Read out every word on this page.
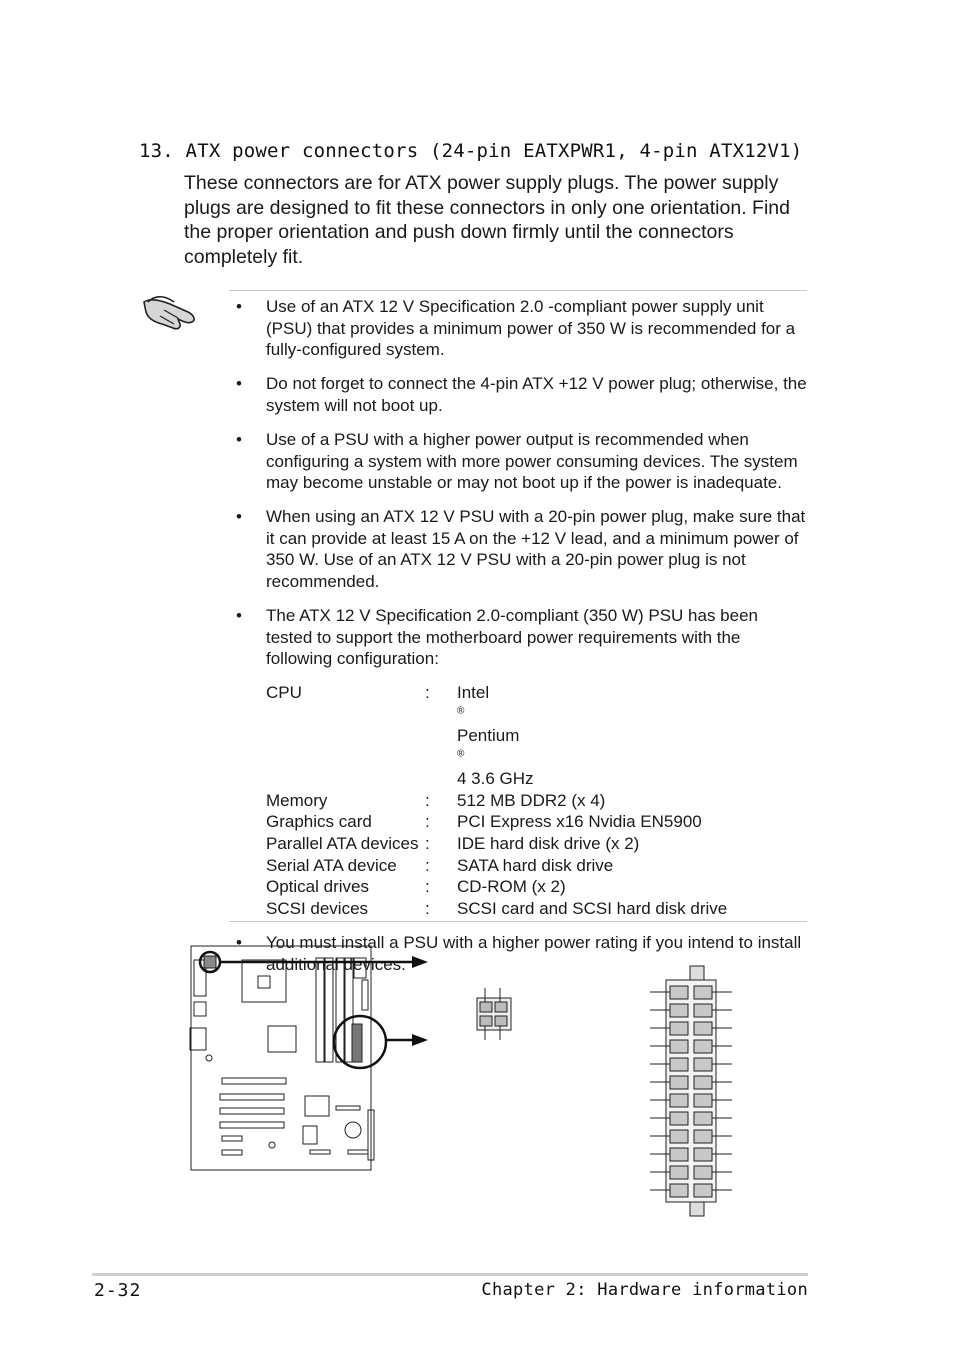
13. ATX power connectors (24-pin EATXPWR1, 4-pin ATX12V1)

These connectors are for ATX power supply plugs. The power supply plugs are designed to fit these connectors in only one orientation. Find the proper orientation and push down firmly until the connectors completely fit.

• Use of an ATX 12 V Specification 2.0 -compliant power supply unit (PSU) that provides a minimum power of 350 W is recommended for a fully-configured system.
• Do not forget to connect the 4-pin ATX +12 V power plug; otherwise, the system will not boot up.
• Use of a PSU with a higher power output is recommended when configuring a system with more power consuming devices. The system may become unstable or may not boot up if the power is inadequate.
• When using an ATX 12 V PSU with a 20-pin power plug, make sure that it can provide at least 15 A on the +12 V lead, and a minimum power of 350 W. Use of an ATX 12 V PSU with a 20-pin power plug is not recommended.
• The ATX 12 V Specification 2.0-compliant (350 W) PSU has been tested to support the motherboard power requirements with the following configuration:
CPU	:	Intel
®
Pentium
®
4 3.6 GHz
Memory	:	512 MB DDR2 (x 4)
Graphics card	:	PCI Express x16 Nvidia EN5900
Parallel ATA devices :	IDE hard disk drive (x 2)
Serial ATA device	:	SATA hard disk drive
Optical drives	:	CD-ROM (x 2)
SCSI devices	:	SCSI card and SCSI hard disk drive
• You must install a PSU with a higher power rating if you intend to install additional devices.
2-32	Chapter 2: Hardware information
